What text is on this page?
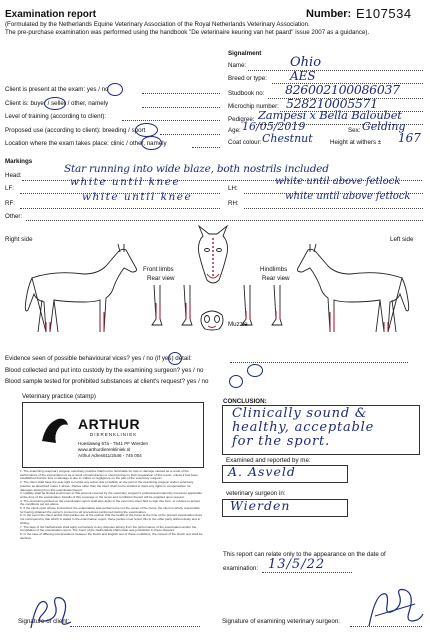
Examination report	Number: E107534
(Formulated by the Netherlands Equine Veterinary Association of the Royal Netherlands Veterinary Association.
The pre-purchase examination was performed using the handbook "De veterinaire keuring van het paard" issue 2007 as a guidance).
Signalment
Name:	Ohio
Breed or type: AES
Studbook no: 826002100086037
Microchip number: 528210005571
Pedigree: Zampesi x Bella Baloubet
Age: 16/05/2019	Sex: Gelding
Coat colour: Chestnut	Height at withers ± 167
Client is present at the exam: yes / no
Client is: buyer / seller / other, namely
Level of training (according to client):
Proposed use (according to client): breeding / sport
Location where the exam takes place: clinic / other, namely
Markings
Head:
Star running into wide blaze, both nostrils included
LF:
white until knee
LH:
white until above fetlock
RF:
white until knee
RH:
white until above fetlock
Other:
Right side	Left side
Front limbs
Rear view
Hindlimbs
Rear view
Muzzle
Evidence seen of possible behavioural vices? yes / no (if yes) detail:
Blood collected and put into custody by the examining surgeon? yes / no
Blood sample tested for prohibited substances at client's request? yes / no
Veterinary practice (stamp)
ARTHUR
DIERENKLINIEK
Hoeslaweg 67a - 7641 PF Wierden
www.arthurdierenkliniek.nl
Arthur Adres611/2546 - 745 004
1. The examining veterinary surgeon veterinary practice shall not be held liable for loss or damage caused as a result of the performance of the examination or as a result of inaccuracies or shortcomings in their preparation of this report, unless it has been established that the loss or damage is due to malice or negligence on the part of the veterinary surgeon.
2. The client shall have the sole right to invoke any action due to liability on the part of the examining surgeon and/or veterinary practice as described under 1 above. Parties other than the client shall not be entitled to claim any rights to compensation for damages arising from this examination/report.
3. Liability shall be limited at all times to that amount covered by the veterinary surgeon's professional indemnity insurance applicable at the time of the examination. Details of this coverage or the terms and conditions thereof will be supplied upon request.
4. The provisions printed on the examination report shall also apply in the event the client fails to sign this form, or refuses to accept the conditions set out above.
5. If the client upon whose instructions the examination was performed is not the owner of the horse, the client is wholly responsible for having obtained the owner's consent to all procedures performed during the examination.
6. In the event the client and/or third parties are of the opinion that the health of the horse at the time of the present examination does not correspond to that which is stated in the examination report, these parties must report this to the other party without delay and in writing.
7. The laws of the Netherlands shall apply exclusively to any disputes arising from the performance of the examination and/or the compilation of the examination report. The Court of the Netherlands shall retain sole jurisdiction in these disputes.
8. In the case of differing interpretations between the Dutch and English text of these conditions, the content of the Dutch text shall be decisive.
CONCLUSION:
Clinically sound &
healthy, acceptable
for the sport.
Examined and reported by me:
A. Asveld
veterinary surgeon in:
Wierden
This report can relate only to the appearance on the date of
examination: 13/5/22
Signature of client:	Signature of examining veterinary surgeon:
